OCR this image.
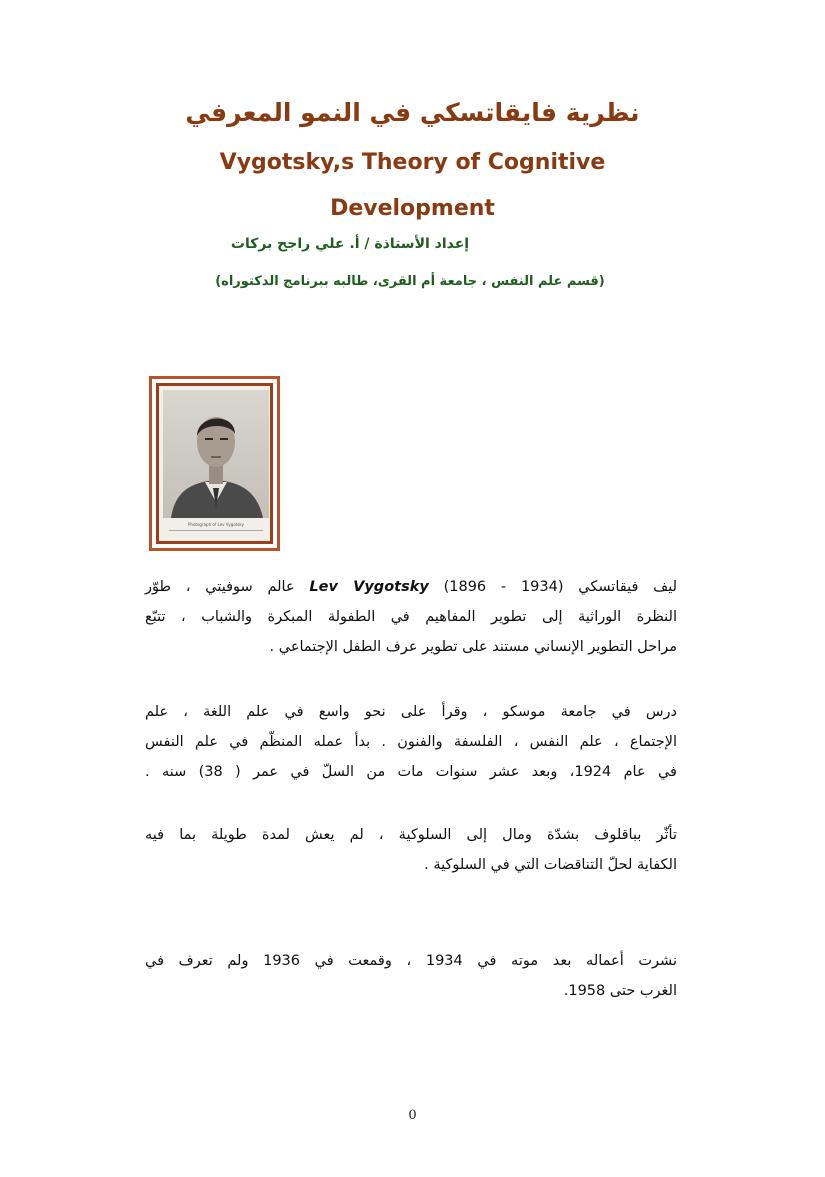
نظرية فايقاتسكي في النمو المعرفي
Vygotsky,s Theory of Cognitive
Development
إعداد الأستاذة / أ. علي راجح بركات
(قسم علم النفس ، جامعة أم القرى، طالبه ببرنامج الدكتوراه)
Photograph of Lev Vygotsky
ليف فيقاتسكي Lev Vygotsky (1896 - 1934) عالم سوفيتي ، طوّر
النظرة الوراثية إلى تطوير المفاهيم في الطفولة المبكرة والشباب ، تتبّع
مراحل التطوير الإنساني مستند على تطوير عرف الطفل الإجتماعي .
درس في جامعة موسكو ، وقرأ على نحو واسع في علم اللغة ، علم
الإجتماع ، علم النفس ، الفلسفة والفنون . بدأ عمله المنظّم في علم النفس
في عام 1924، وبعد عشر سنوات مات من السلّ في عمر ( 38) سنه .
تأثّر بباقلوف بشدّة ومال إلى السلوكية ، لم يعش لمدة طويلة بما فيه
الكفاية لحلّ التناقضات التي في السلوكية .
نشرت أعماله بعد موته في 1934 ، وقمعت في 1936 ولم تعرف في
الغرب حتى 1958.
0
